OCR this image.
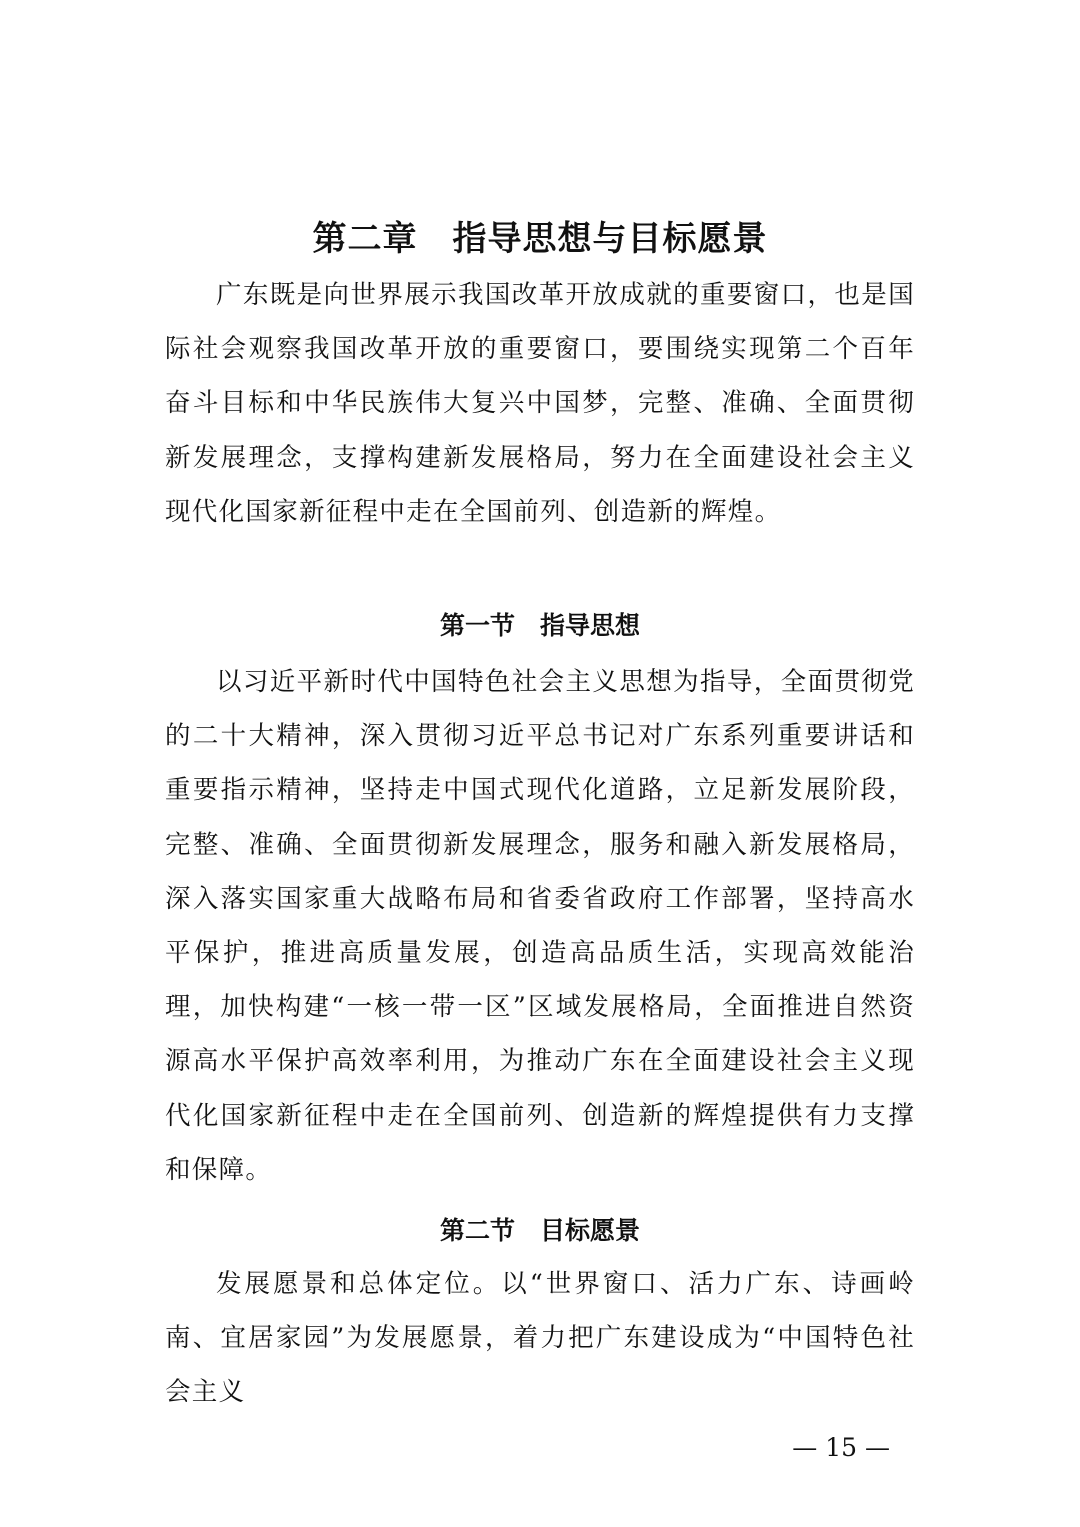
第二章　指导思想与目标愿景

广东既是向世界展示我国改革开放成就的重要窗口，也是国际社会观察我国改革开放的重要窗口，要围绕实现第二个百年奋斗目标和中华民族伟大复兴中国梦，完整、准确、全面贯彻新发展理念，支撑构建新发展格局，努力在全面建设社会主义现代化国家新征程中走在全国前列、创造新的辉煌。

第一节　指导思想

以习近平新时代中国特色社会主义思想为指导，全面贯彻党的二十大精神，深入贯彻习近平总书记对广东系列重要讲话和重要指示精神，坚持走中国式现代化道路，立足新发展阶段，完整、准确、全面贯彻新发展理念，服务和融入新发展格局，深入落实国家重大战略布局和省委省政府工作部署，坚持高水平保护，推进高质量发展，创造高品质生活，实现高效能治理，加快构建“一核一带一区”区域发展格局，全面推进自然资源高水平保护高效率利用，为推动广东在全面建设社会主义现代化国家新征程中走在全国前列、创造新的辉煌提供有力支撑和保障。

第二节　目标愿景

发展愿景和总体定位。以“世界窗口、活力广东、诗画岭南、宜居家园”为发展愿景，着力把广东建设成为“中国特色社会主义

— 15 —
